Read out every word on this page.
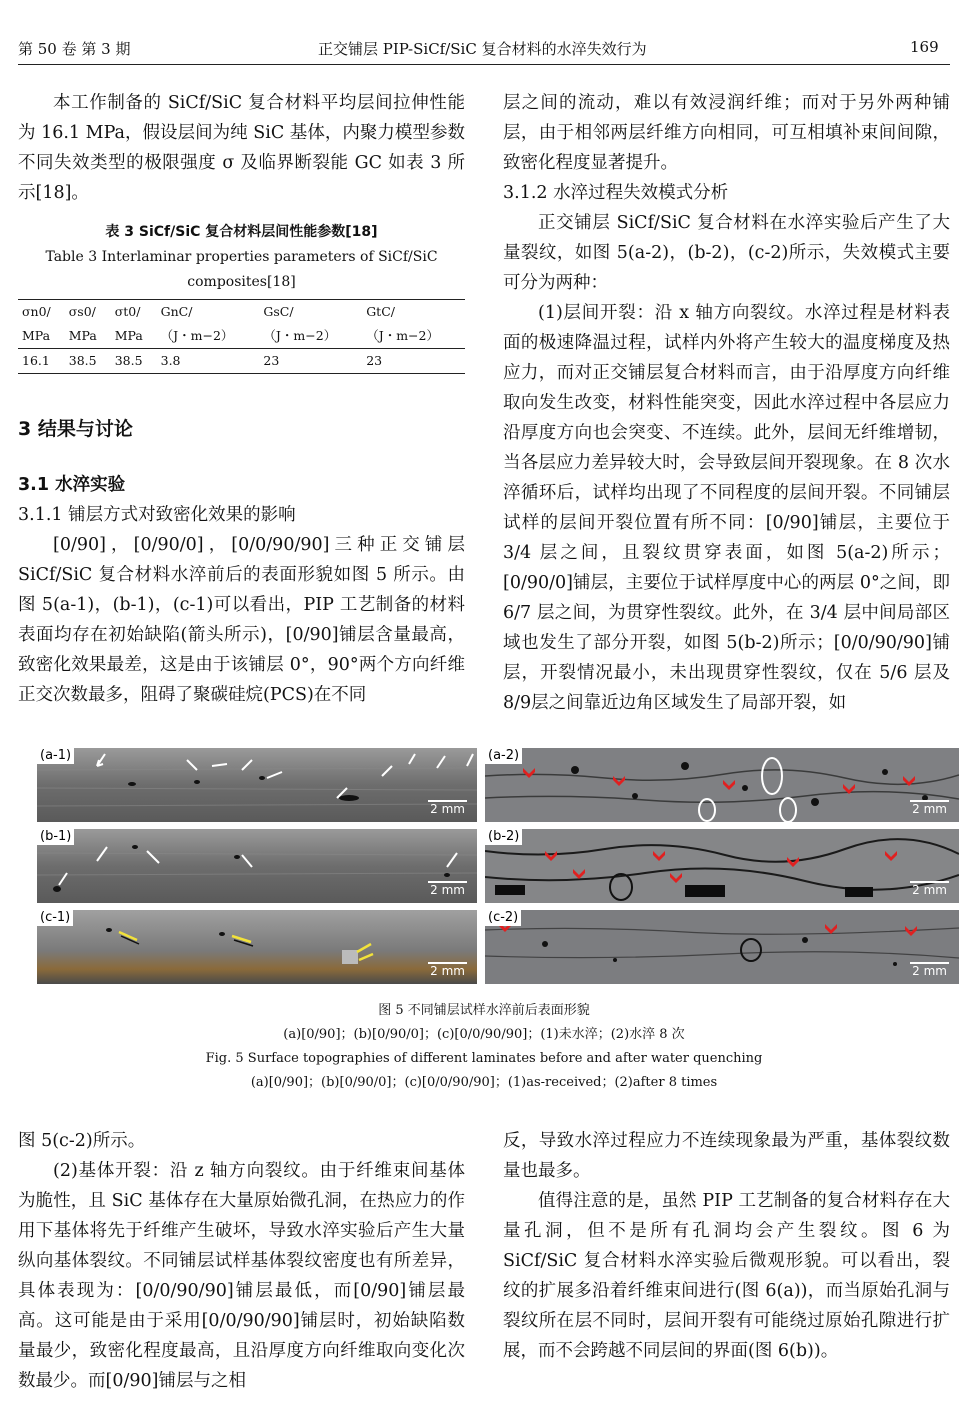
第 50 卷 第 3 期	正交铺层 PIP-SiCf/SiC 复合材料的水淬失效行为	169

本工作制备的 SiCf/SiC 复合材料平均层间拉伸性能为 16.1 MPa，假设层间为纯 SiC 基体，内聚力模型参数不同失效类型的极限强度 σ 及临界断裂能 GC 如表 3 所示[18]。

表 3 SiCf/SiC 复合材料层间性能参数[18]
Table 3 Interlaminar properties parameters of SiCf/SiC composites[18]
σn0/	σs0/	σt0/	GnC/	GsC/	GtC/
MPa	MPa	MPa	（J・m−2）	（J・m−2）	（J・m−2）
16.1	38.5	38.5	3.8	23	23
3 结果与讨论
3.1 水淬实验
3.1.1 铺层方式对致密化效果的影响

[0/90]，[0/90/0]，[0/0/90/90]三种正交铺层 SiCf/SiC 复合材料水淬前后的表面形貌如图 5 所示。由图 5(a-1)，(b-1)，(c-1)可以看出，PIP 工艺制备的材料表面均存在初始缺陷(箭头所示)，[0/90]铺层含量最高，致密化效果最差，这是由于该铺层 0°，90°两个方向纤维正交次数最多，阻碍了聚碳硅烷(PCS)在不同

层之间的流动，难以有效浸润纤维；而对于另外两种铺层，由于相邻两层纤维方向相同，可互相填补束间间隙，致密化程度显著提升。

3.1.2 水淬过程失效模式分析

正交铺层 SiCf/SiC 复合材料在水淬实验后产生了大量裂纹，如图 5(a-2)，(b-2)，(c-2)所示，失效模式主要可分为两种：

(1)层间开裂：沿 x 轴方向裂纹。水淬过程是材料表面的极速降温过程，试样内外将产生较大的温度梯度及热应力，而对正交铺层复合材料而言，由于沿厚度方向纤维取向发生改变，材料性能突变，因此水淬过程中各层应力沿厚度方向也会突变、不连续。此外，层间无纤维增韧，当各层应力差异较大时，会导致层间开裂现象。在 8 次水淬循环后，试样均出现了不同程度的层间开裂。不同铺层试样的层间开裂位置有所不同：[0/90]铺层，主要位于 3/4 层之间，且裂纹贯穿表面，如图 5(a-2)所示；[0/90/0]铺层，主要位于试样厚度中心的两层 0°之间，即 6/7 层之间，为贯穿性裂纹。此外，在 3/4 层中间局部区域也发生了部分开裂，如图 5(b-2)所示；[0/0/90/90]铺层，开裂情况最小，未出现贯穿性裂纹，仅在 5/6 层及8/9层之间靠近边角区域发生了局部开裂，如

(a-1)
2 mm
(a-2)
2 mm
(b-1)
2 mm
(b-2)
2 mm
(c-1)
2 mm
(c-2)
2 mm
图 5 不同铺层试样水淬前后表面形貌
(a)[0/90]；(b)[0/90/0]；(c)[0/0/90/90]；(1)未水淬；(2)水淬 8 次
Fig. 5 Surface topographies of different laminates before and after water quenching
(a)[0/90]；(b)[0/90/0]；(c)[0/0/90/90]；(1)as-received；(2)after 8 times

图 5(c-2)所示。

(2)基体开裂：沿 z 轴方向裂纹。由于纤维束间基体为脆性，且 SiC 基体存在大量原始微孔洞，在热应力的作用下基体将先于纤维产生破坏，导致水淬实验后产生大量纵向基体裂纹。不同铺层试样基体裂纹密度也有所差异，具体表现为：[0/0/90/90]铺层最低，而[0/90]铺层最高。这可能是由于采用[0/0/90/90]铺层时，初始缺陷数量最少，致密化程度最高，且沿厚度方向纤维取向变化次数最少。而[0/90]铺层与之相

反，导致水淬过程应力不连续现象最为严重，基体裂纹数量也最多。

值得注意的是，虽然 PIP 工艺制备的复合材料存在大量孔洞，但不是所有孔洞均会产生裂纹。图 6 为 SiCf/SiC 复合材料水淬实验后微观形貌。可以看出，裂纹的扩展多沿着纤维束间进行(图 6(a))，而当原始孔洞与裂纹所在层不同时，层间开裂有可能绕过原始孔隙进行扩展，而不会跨越不同层间的界面(图 6(b))。
